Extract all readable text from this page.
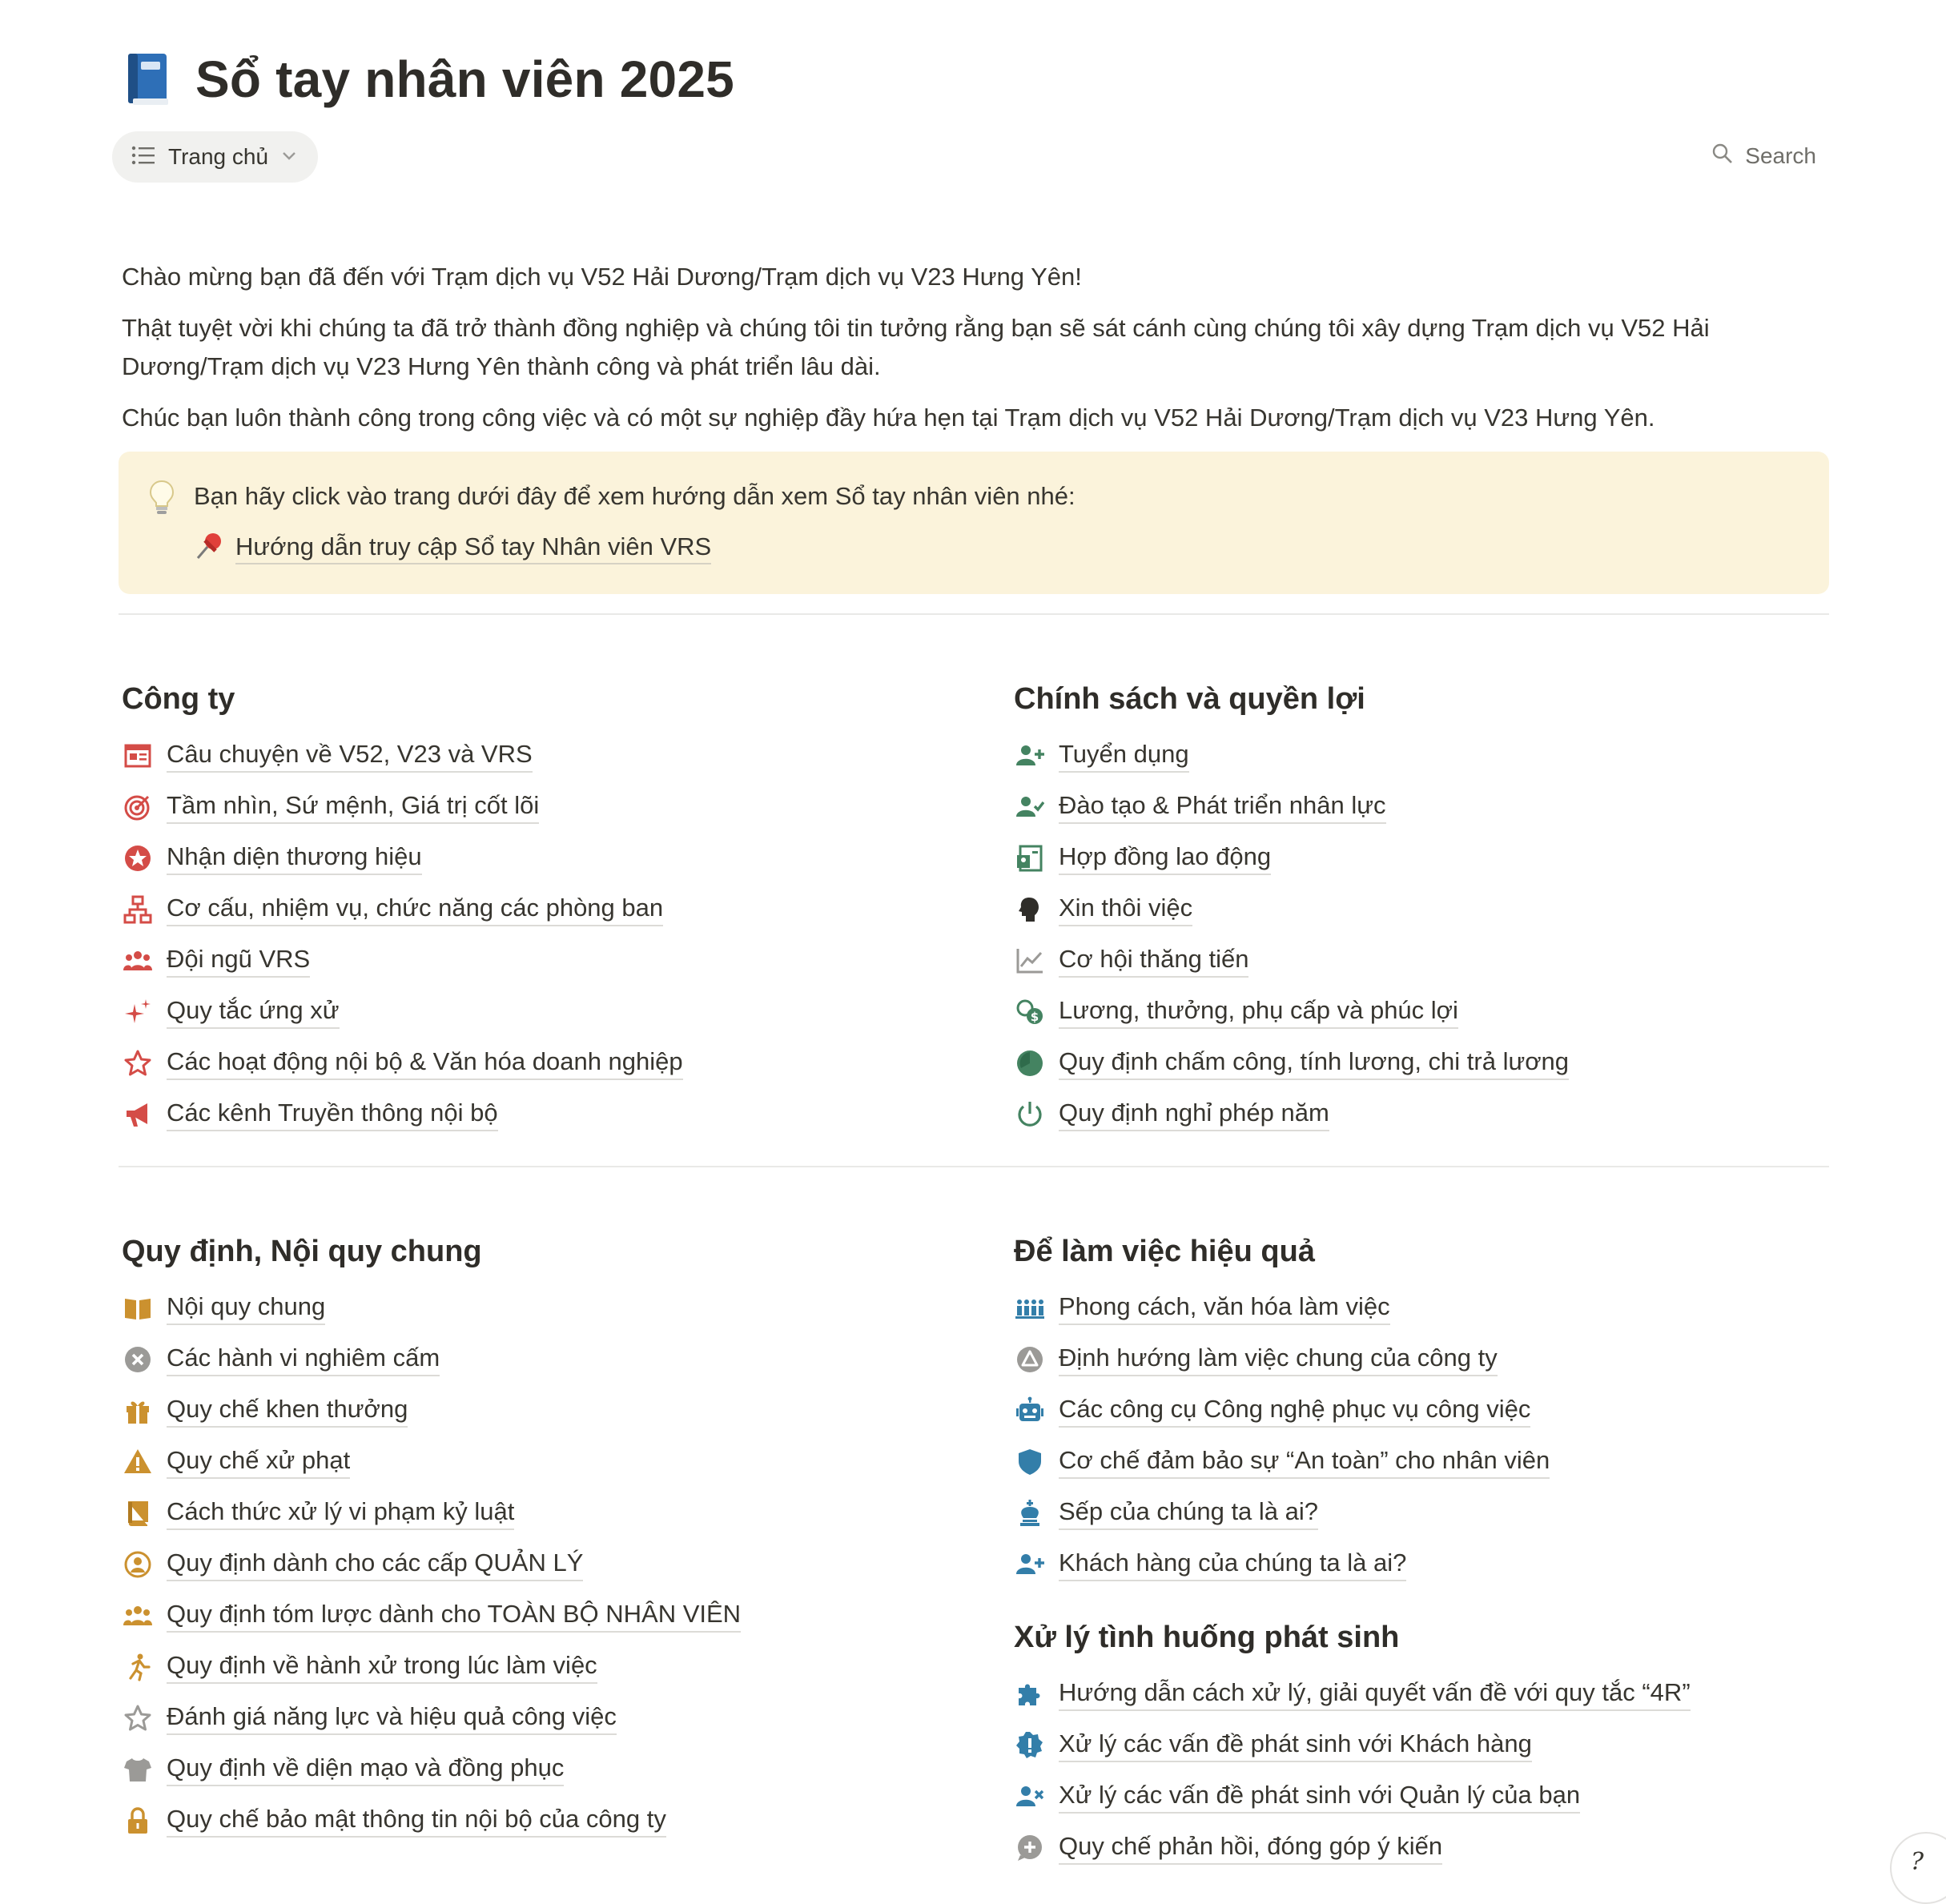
Sổ tay nhân viên 2025
Trang chủ	Search

Chào mừng bạn đã đến với Trạm dịch vụ V52 Hải Dương/Trạm dịch vụ V23 Hưng Yên!

Thật tuyệt vời khi chúng ta đã trở thành đồng nghiệp và chúng tôi tin tưởng rằng bạn sẽ sát cánh cùng chúng tôi xây dựng Trạm dịch vụ V52 Hải Dương/Trạm dịch vụ V23 Hưng Yên thành công và phát triển lâu dài.

Chúc bạn luôn thành công trong công việc và có một sự nghiệp đầy hứa hẹn tại Trạm dịch vụ V52 Hải Dương/Trạm dịch vụ V23 Hưng Yên.

Bạn hãy click vào trang dưới đây để xem hướng dẫn xem Sổ tay nhân viên nhé:
Hướng dẫn truy cập Sổ tay Nhân viên VRS
Công ty
Câu chuyện về V52, V23 và VRS
Tầm nhìn, Sứ mệnh, Giá trị cốt lõi
Nhận diện thương hiệu
Cơ cấu, nhiệm vụ, chức năng các phòng ban
Đội ngũ VRS
Quy tắc ứng xử
Các hoạt động nội bộ & Văn hóa doanh nghiệp
Các kênh Truyền thông nội bộ
Chính sách và quyền lợi
Tuyển dụng
Đào tạo & Phát triển nhân lực
Hợp đồng lao động
Xin thôi việc
Cơ hội thăng tiến
$ Lương, thưởng, phụ cấp và phúc lợi
Quy định chấm công, tính lương, chi trả lương
Quy định nghỉ phép năm
Quy định, Nội quy chung
Nội quy chung
Các hành vi nghiêm cấm
Quy chế khen thưởng
Quy chế xử phạt
Cách thức xử lý vi phạm kỷ luật
Quy định dành cho các cấp QUẢN LÝ
Quy định tóm lược dành cho TOÀN BỘ NHÂN VIÊN
Quy định về hành xử trong lúc làm việc
Đánh giá năng lực và hiệu quả công việc
Quy định về diện mạo và đồng phục
Quy chế bảo mật thông tin nội bộ của công ty
Để làm việc hiệu quả
Phong cách, văn hóa làm việc
Định hướng làm việc chung của công ty
Các công cụ Công nghệ phục vụ công việc
Cơ chế đảm bảo sự “An toàn” cho nhân viên
Sếp của chúng ta là ai?
Khách hàng của chúng ta là ai?
Xử lý tình huống phát sinh
Hướng dẫn cách xử lý, giải quyết vấn đề với quy tắc “4R”
Xử lý các vấn đề phát sinh với Khách hàng
Xử lý các vấn đề phát sinh với Quản lý của bạn
Quy chế phản hồi, đóng góp ý kiến
?
